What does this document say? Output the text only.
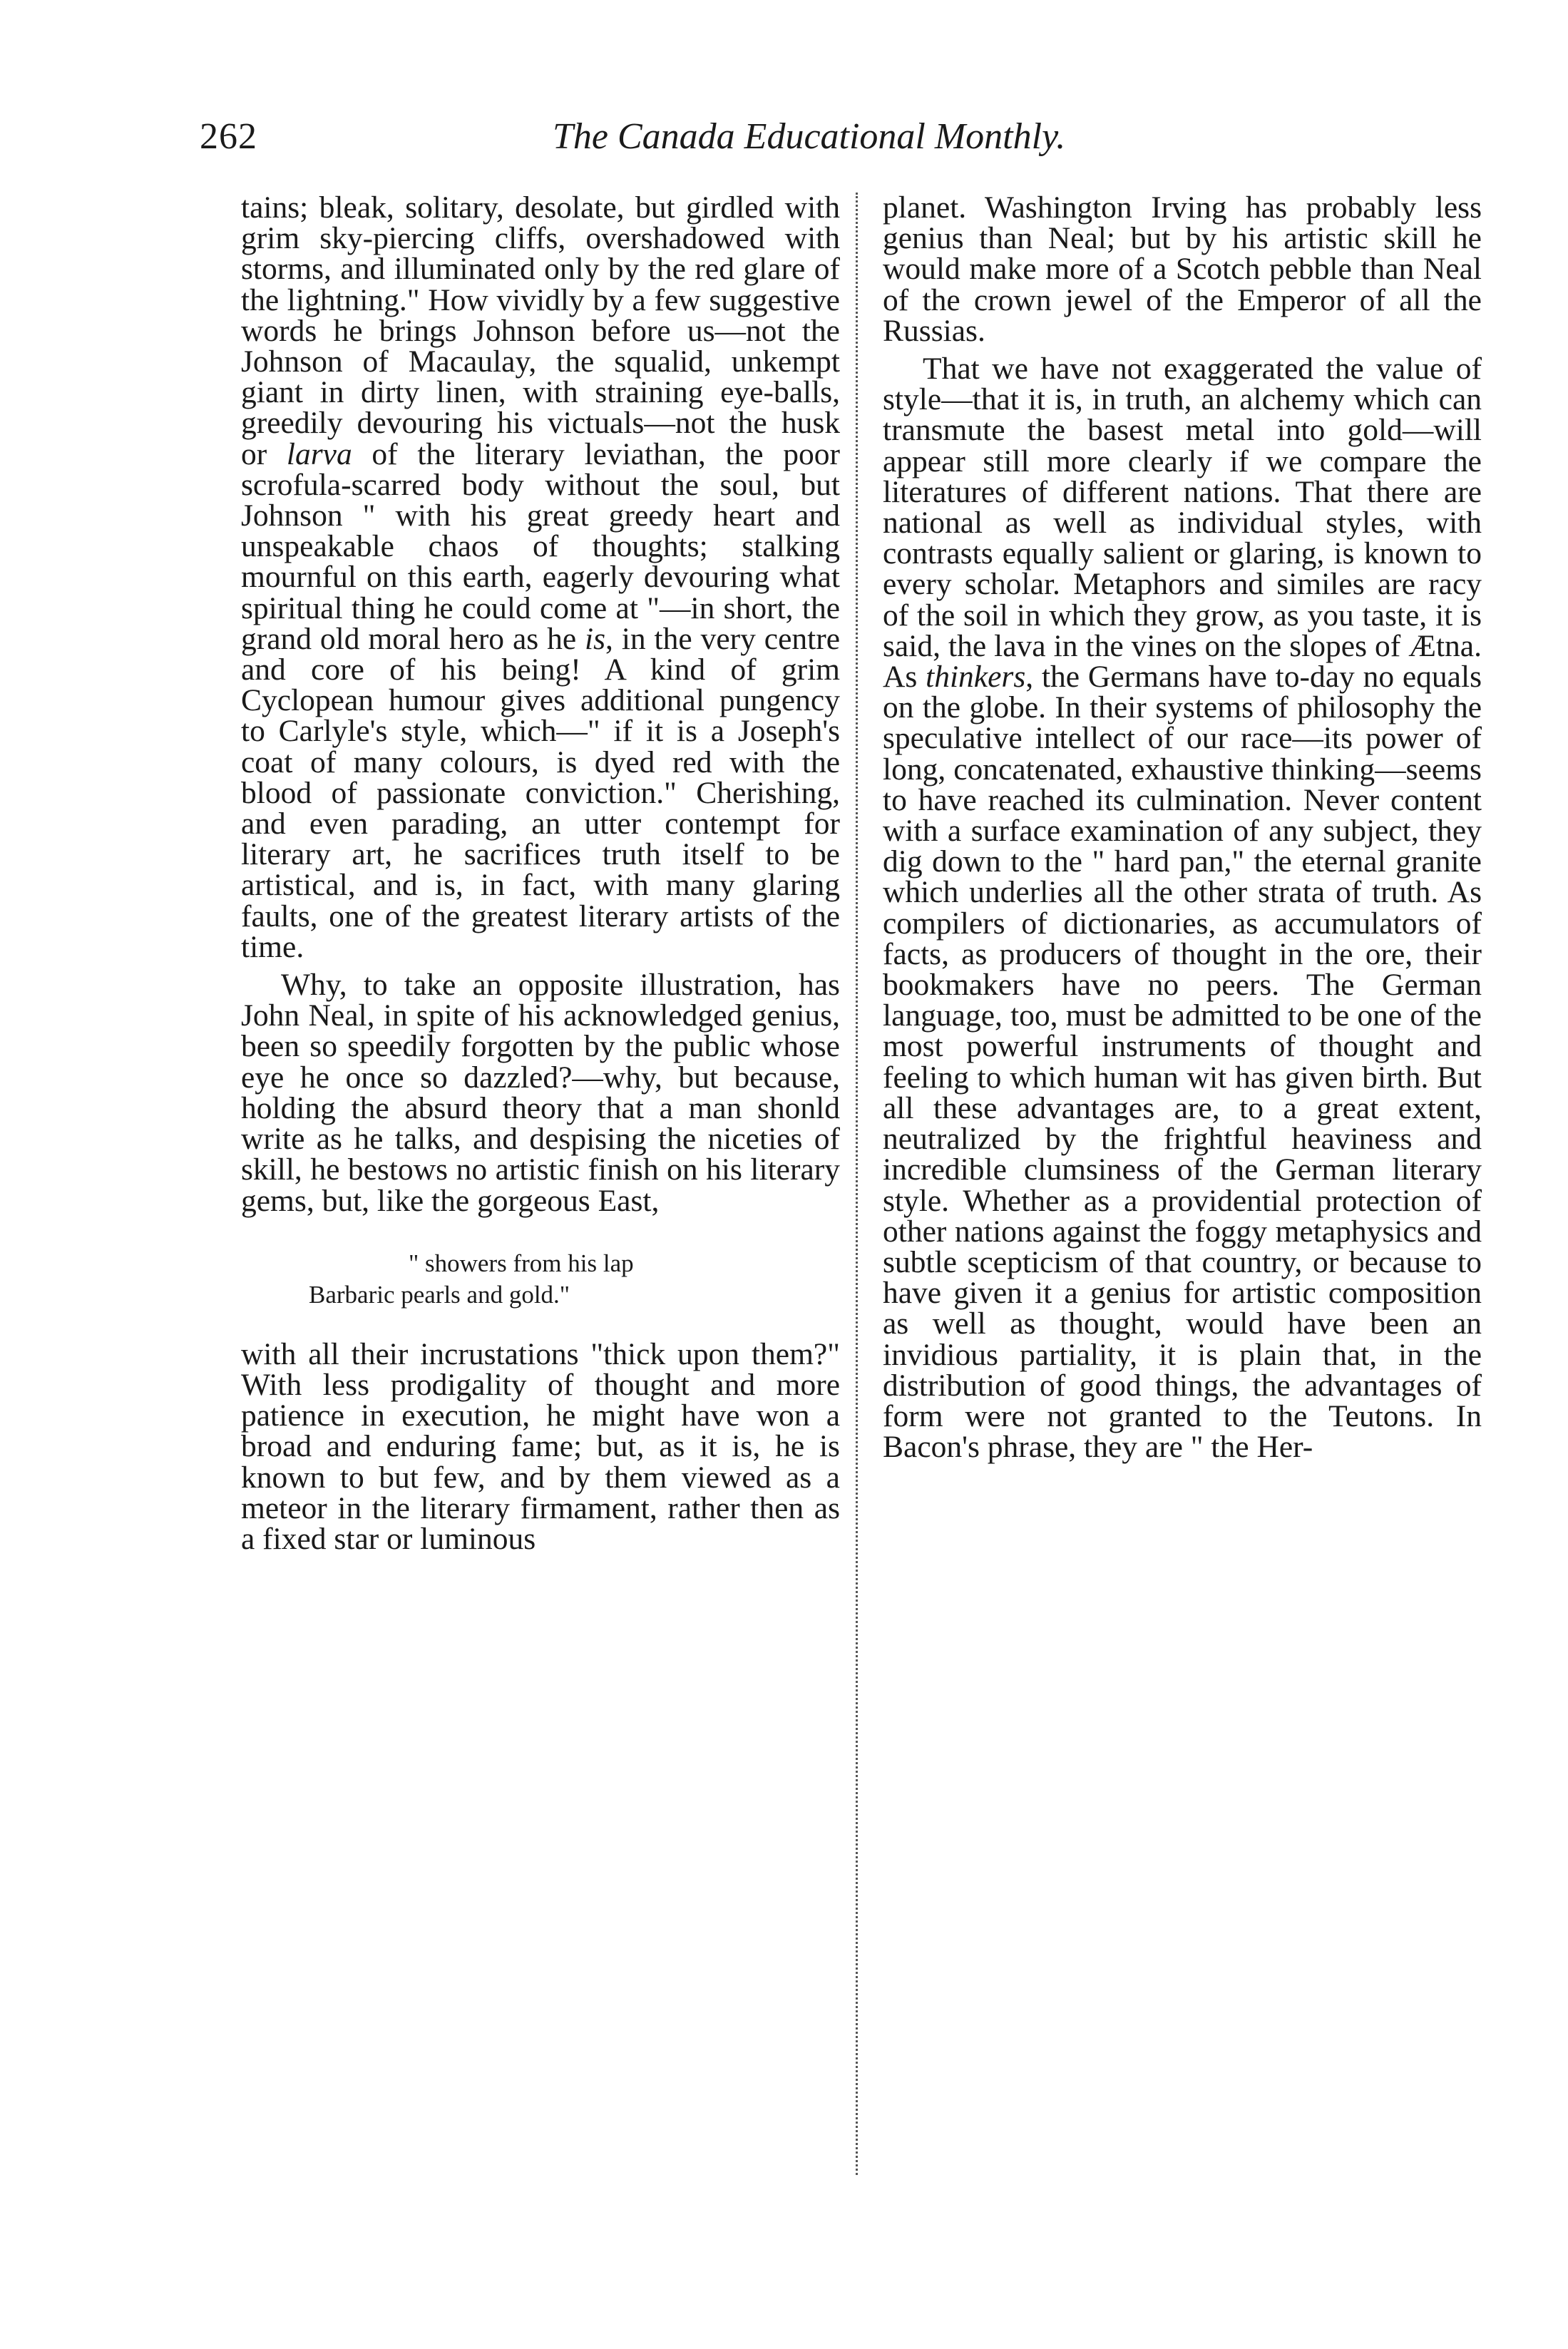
262	The Canada Educational Monthly.

tains; bleak, solitary, desolate, but girdled with grim sky-piercing cliffs, overshadowed with storms, and illuminated only by the red glare of the lightning." How vividly by a few suggestive words he brings Johnson before us—not the Johnson of Macaulay, the squalid, unkempt giant in dirty linen, with straining eye-balls, greedily devouring his victuals—not the husk or larva of the literary leviathan, the poor scrofula-scarred body without the soul, but Johnson " with his great greedy heart and unspeakable chaos of thoughts; stalking mournful on this earth, eagerly devouring what spiritual thing he could come at "—in short, the grand old moral hero as he is, in the very centre and core of his being! A kind of grim Cyclopean humour gives additional pungency to Carlyle's style, which—" if it is a Joseph's coat of many colours, is dyed red with the blood of passionate conviction." Cherishing, and even parading, an utter contempt for literary art, he sacrifices truth itself to be artistical, and is, in fact, with many glaring faults, one of the greatest literary artists of the time.

Why, to take an opposite illustration, has John Neal, in spite of his acknowledged genius, been so speedily forgotten by the public whose eye he once so dazzled?—why, but because, holding the absurd theory that a man shonld write as he talks, and despising the niceties of skill, he bestows no artistic finish on his literary gems, but, like the gorgeous East,

" showers from his lap
Barbaric pearls and gold."

with all their incrustations "thick upon them?" With less prodigality of thought and more patience in execution, he might have won a broad and enduring fame; but, as it is, he is known to but few, and by them viewed as a meteor in the literary firmament, rather then as a fixed star or luminous

planet. Washington Irving has probably less genius than Neal; but by his artistic skill he would make more of a Scotch pebble than Neal of the crown jewel of the Emperor of all the Russias.

That we have not exaggerated the value of style—that it is, in truth, an alchemy which can transmute the basest metal into gold—will appear still more clearly if we compare the literatures of different nations. That there are national as well as individual styles, with contrasts equally salient or glaring, is known to every scholar. Metaphors and similes are racy of the soil in which they grow, as you taste, it is said, the lava in the vines on the slopes of Ætna. As thinkers, the Germans have to-day no equals on the globe. In their systems of philosophy the speculative intellect of our race—its power of long, concatenated, exhaustive thinking—seems to have reached its culmination. Never content with a surface examination of any subject, they dig down to the " hard pan," the eternal granite which underlies all the other strata of truth. As compilers of dictionaries, as accumulators of facts, as producers of thought in the ore, their bookmakers have no peers. The German language, too, must be admitted to be one of the most powerful instruments of thought and feeling to which human wit has given birth. But all these advantages are, to a great extent, neutralized by the frightful heaviness and incredible clumsiness of the German literary style. Whether as a providential protection of other nations against the foggy metaphysics and subtle scepticism of that country, or because to have given it a genius for artistic composition as well as thought, would have been an invidious partiality, it is plain that, in the distribution of good things, the advantages of form were not granted to the Teutons. In Bacon's phrase, they are " the Her-
